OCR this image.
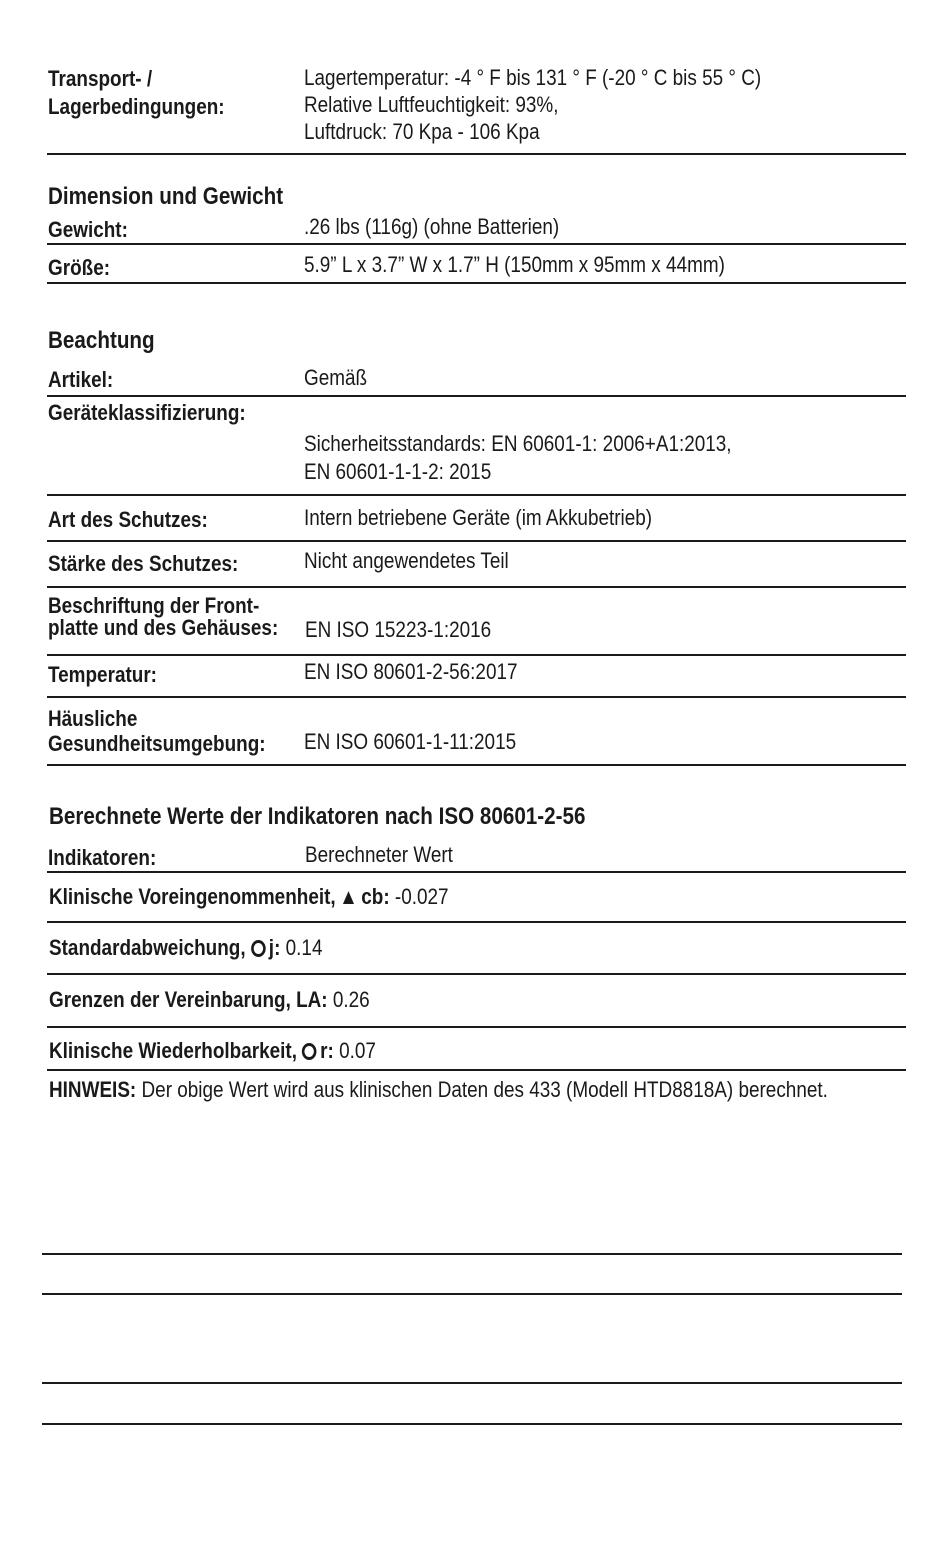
Transport- /
Lagerbedingungen:
Lagertemperatur: -4 ° F bis 131 ° F (-20 ° C bis 55 ° C)
Relative Luftfeuchtigkeit: 93%,
Luftdruck: 70 Kpa - 106 Kpa
Dimension und Gewicht
Gewicht:	.26 lbs (116g) (ohne Batterien)
Größe:	5.9” L x 3.7” W x 1.7” H (150mm x 95mm x 44mm)
Beachtung
Artikel:	Gemäß
Geräteklassifizierung:
Sicherheitsstandards: EN 60601-1: 2006+A1:2013,
EN 60601-1-1-2: 2015
Art des Schutzes:	Intern betriebene Geräte (im Akkubetrieb)
Stärke des Schutzes:	Nicht angewendetes Teil
Beschriftung der Front-
platte und des Gehäuses: EN ISO 15223-1:2016
Temperatur:	EN ISO 80601-2-56:2017
Häusliche
Gesundheitsumgebung: EN ISO 60601-1-11:2015
Berechnete Werte der Indikatoren nach ISO 80601-2-56
Indikatoren:	Berechneter Wert
Klinische Voreingenommenheit, ▲ cb: -0.027
Standardabweichung, j: 0.14
Grenzen der Vereinbarung, LA: 0.26
Klinische Wiederholbarkeit, r: 0.07
HINWEIS: Der obige Wert wird aus klinischen Daten des 433 (Modell HTD8818A) berechnet.
